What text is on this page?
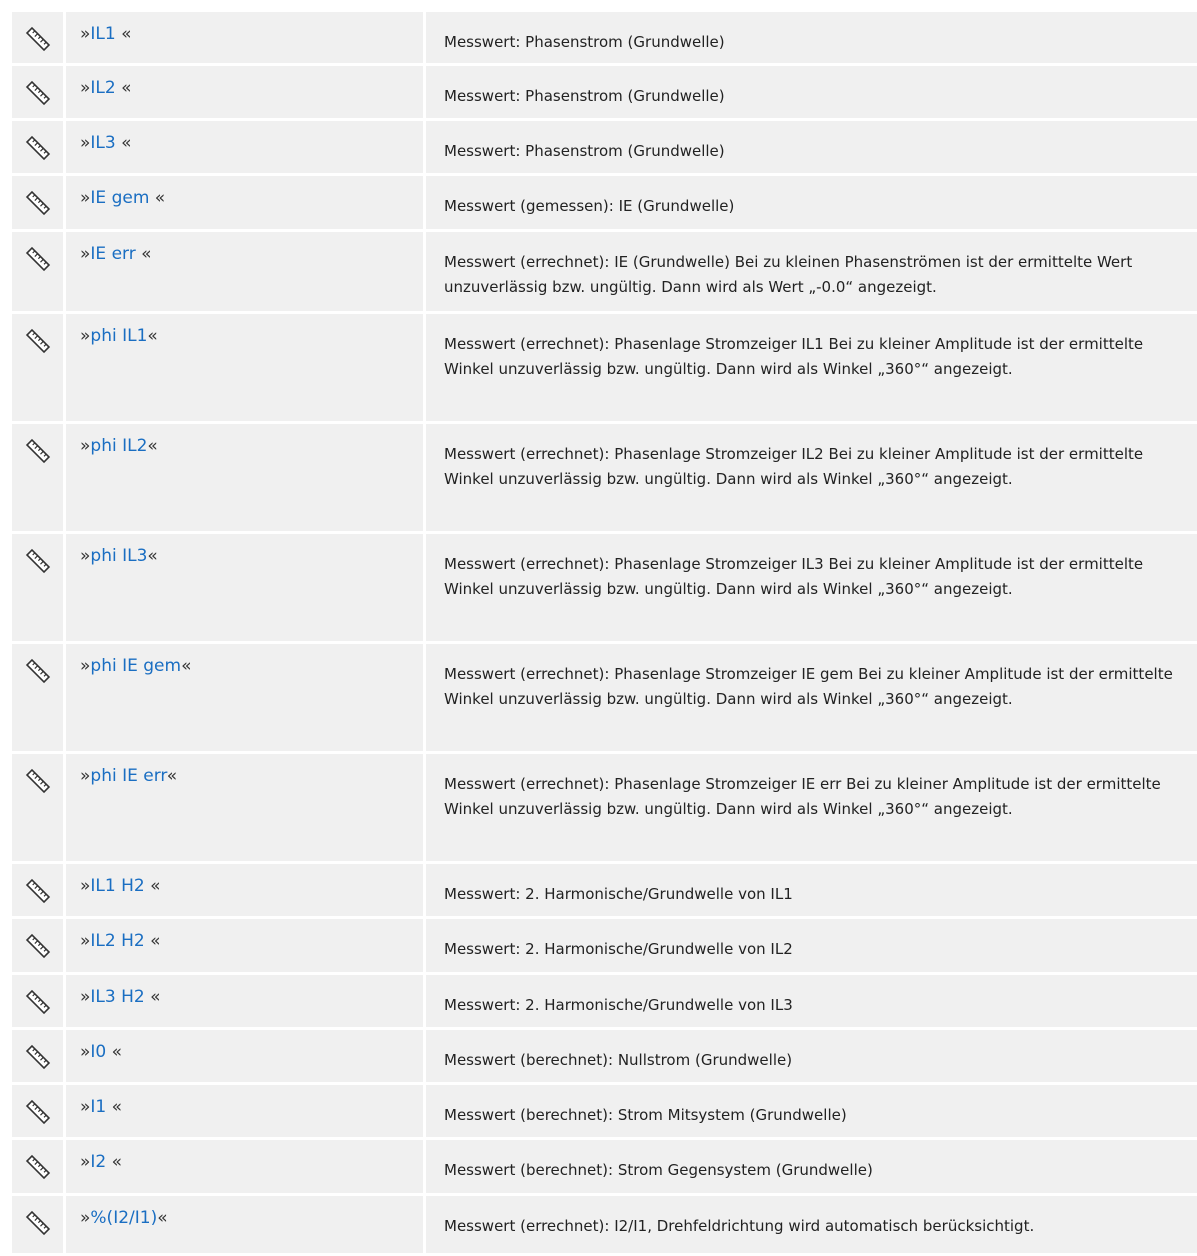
»IL1 «	Messwert: Phasenstrom (Grundwelle)
»IL2 «	Messwert: Phasenstrom (Grundwelle)
»IL3 «	Messwert: Phasenstrom (Grundwelle)
»IE gem «	Messwert (gemessen): IE (Grundwelle)
»IE err «	Messwert (errechnet): IE (Grundwelle) Bei zu kleinen Phasenströmen ist der ermittelte Wert unzuverlässig bzw. ungültig. Dann wird als Wert „-0.0“ angezeigt.
»phi IL1«	Messwert (errechnet): Phasenlage Stromzeiger IL1 Bei zu kleiner Amplitude ist der ermittelte Winkel unzuverlässig bzw. ungültig. Dann wird als Winkel „360°“ angezeigt.
»phi IL2«	Messwert (errechnet): Phasenlage Stromzeiger IL2 Bei zu kleiner Amplitude ist der ermittelte Winkel unzuverlässig bzw. ungültig. Dann wird als Winkel „360°“ angezeigt.
»phi IL3«	Messwert (errechnet): Phasenlage Stromzeiger IL3 Bei zu kleiner Amplitude ist der ermittelte Winkel unzuverlässig bzw. ungültig. Dann wird als Winkel „360°“ angezeigt.
»phi IE gem«	Messwert (errechnet): Phasenlage Stromzeiger IE gem Bei zu kleiner Amplitude ist der ermittelte Winkel unzuverlässig bzw. ungültig. Dann wird als Winkel „360°“ angezeigt.
»phi IE err«	Messwert (errechnet): Phasenlage Stromzeiger IE err Bei zu kleiner Amplitude ist der ermittelte Winkel unzuverlässig bzw. ungültig. Dann wird als Winkel „360°“ angezeigt.
»IL1 H2 «	Messwert: 2. Harmonische/Grundwelle von IL1
»IL2 H2 «	Messwert: 2. Harmonische/Grundwelle von IL2
»IL3 H2 «	Messwert: 2. Harmonische/Grundwelle von IL3
»I0 «	Messwert (berechnet): Nullstrom (Grundwelle)
»I1 «	Messwert (berechnet): Strom Mitsystem (Grundwelle)
»I2 «	Messwert (berechnet): Strom Gegensystem (Grundwelle)
»%(I2/I1)«	Messwert (errechnet): I2/I1, Drehfeldrichtung wird automatisch berücksichtigt.
